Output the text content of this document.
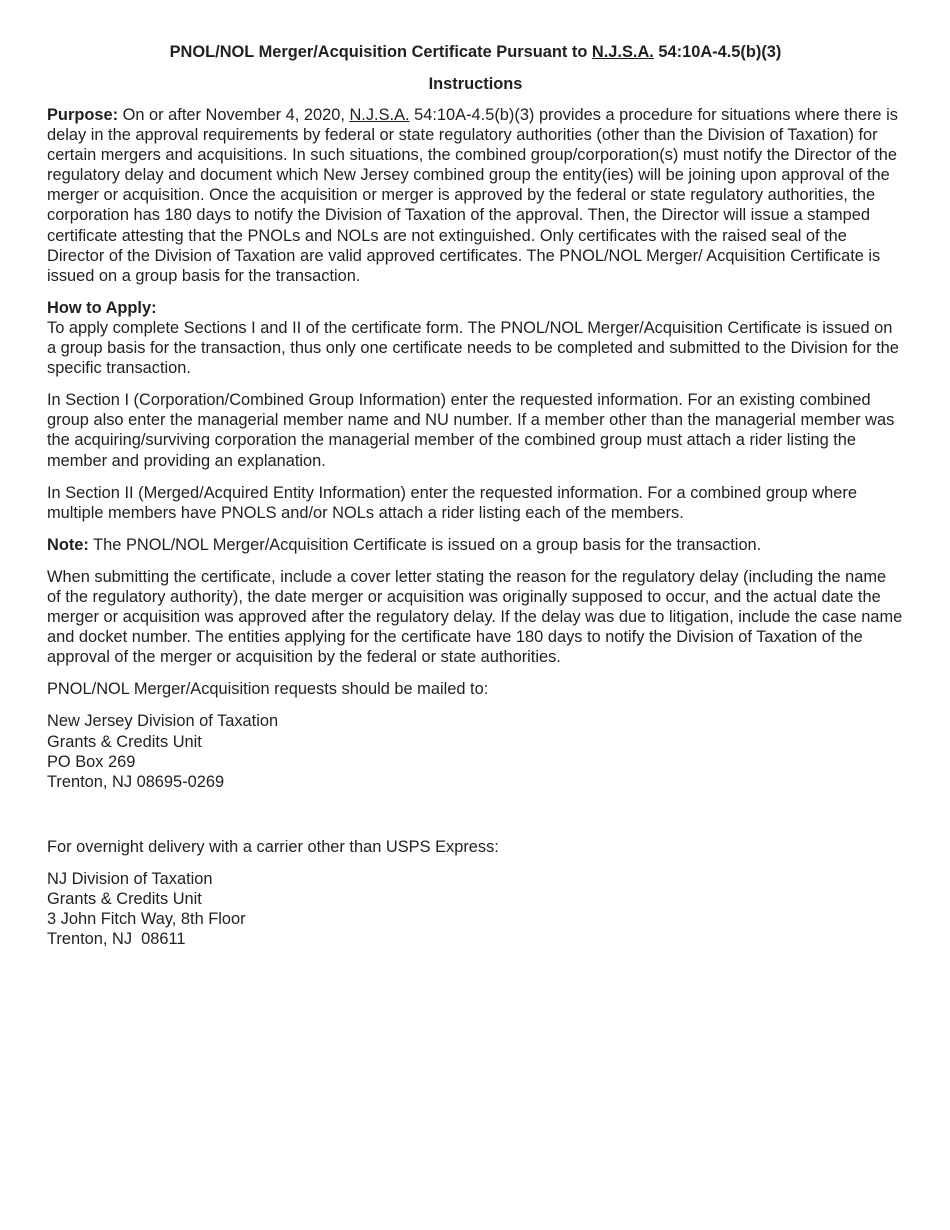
PNOL/NOL Merger/Acquisition Certificate Pursuant to N.J.S.A. 54:10A-4.5(b)(3)
Instructions

Purpose: On or after November 4, 2020, N.J.S.A. 54:10A-4.5(b)(3) provides a procedure for situations where there is delay in the approval requirements by federal or state regulatory authorities (other than the Division of Taxation) for certain mergers and acquisitions. In such situations, the combined group/corporation(s) must notify the Director of the regulatory delay and document which New Jersey combined group the entity(ies) will be joining upon approval of the merger or acquisition. Once the acquisition or merger is approved by the federal or state regulatory authorities, the corporation has 180 days to notify the Division of Taxation of the approval. Then, the Director will issue a stamped certificate attesting that the PNOLs and NOLs are not extinguished. Only certificates with the raised seal of the Director of the Division of Taxation are valid approved certificates. The PNOL/NOL Merger/ Acquisition Certificate is issued on a group basis for the transaction.

How to Apply:

To apply complete Sections I and II of the certificate form. The PNOL/NOL Merger/Acquisition Certificate is issued on a group basis for the transaction, thus only one certificate needs to be completed and submitted to the Division for the specific transaction.

In Section I (Corporation/Combined Group Information) enter the requested information. For an existing combined group also enter the managerial member name and NU number. If a member other than the managerial member was the acquiring/surviving corporation the managerial member of the combined group must attach a rider listing the member and providing an explanation.

In Section II (Merged/Acquired Entity Information) enter the requested information. For a combined group where multiple members have PNOLS and/or NOLs attach a rider listing each of the members.

Note: The PNOL/NOL Merger/Acquisition Certificate is issued on a group basis for the transaction.

When submitting the certificate, include a cover letter stating the reason for the regulatory delay (including the name of the regulatory authority), the date merger or acquisition was originally supposed to occur, and the actual date the merger or acquisition was approved after the regulatory delay. If the delay was due to litigation, include the case name and docket number. The entities applying for the certificate have 180 days to notify the Division of Taxation of the approval of the merger or acquisition by the federal or state authorities.

PNOL/NOL Merger/Acquisition requests should be mailed to:

New Jersey Division of Taxation
Grants & Credits Unit
PO Box 269
Trenton, NJ 08695-0269

For overnight delivery with a carrier other than USPS Express:

NJ Division of Taxation
Grants & Credits Unit
3 John Fitch Way, 8th Floor
Trenton, NJ  08611
